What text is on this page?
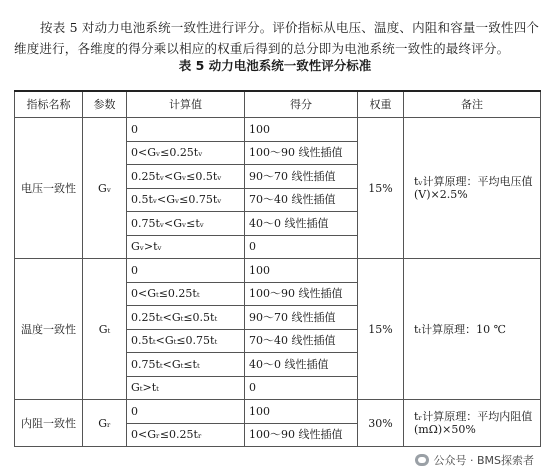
按表 5 对动力电池系统一致性进行评分。评价指标从电压、温度、内阻和容量一致性四个维度进行，各维度的得分乘以相应的权重后得到的总分即为电池系统一致性的最终评分。

表 5 动力电池系统一致性评分标准
指标名称	参数	计算值	得分	权重	备注
电压一致性	Gᵥ	0	100	15%	tᵥ计算原理：平均电压值(V)×2.5%
		0<Gᵥ≤0.25tᵥ	100～90 线性插值		
		0.25tᵥ<Gᵥ≤0.5tᵥ	90～70 线性插值		
		0.5tᵥ<Gᵥ≤0.75tᵥ	70～40 线性插值		
		0.75tᵥ<Gᵥ≤tᵥ	40～0 线性插值		
		Gᵥ>tᵥ	0		
温度一致性	Gₜ	0	100	15%	tₜ计算原理：10 ℃
		0<Gₜ≤0.25tₜ	100～90 线性插值		
		0.25tₜ<Gₜ≤0.5tₜ	90～70 线性插值		
		0.5tₜ<Gₜ≤0.75tₜ	70～40 线性插值		
		0.75tₜ<Gₜ≤tₜ	40～0 线性插值		
		Gₜ>tₜ	0		
内阻一致性	Gᵣ	0	100	30%	tᵣ计算原理：平均内阻值(mΩ)×50%
		0<Gᵣ≤0.25tᵣ	100～90 线性插值		
公众号 · BMS探索者
